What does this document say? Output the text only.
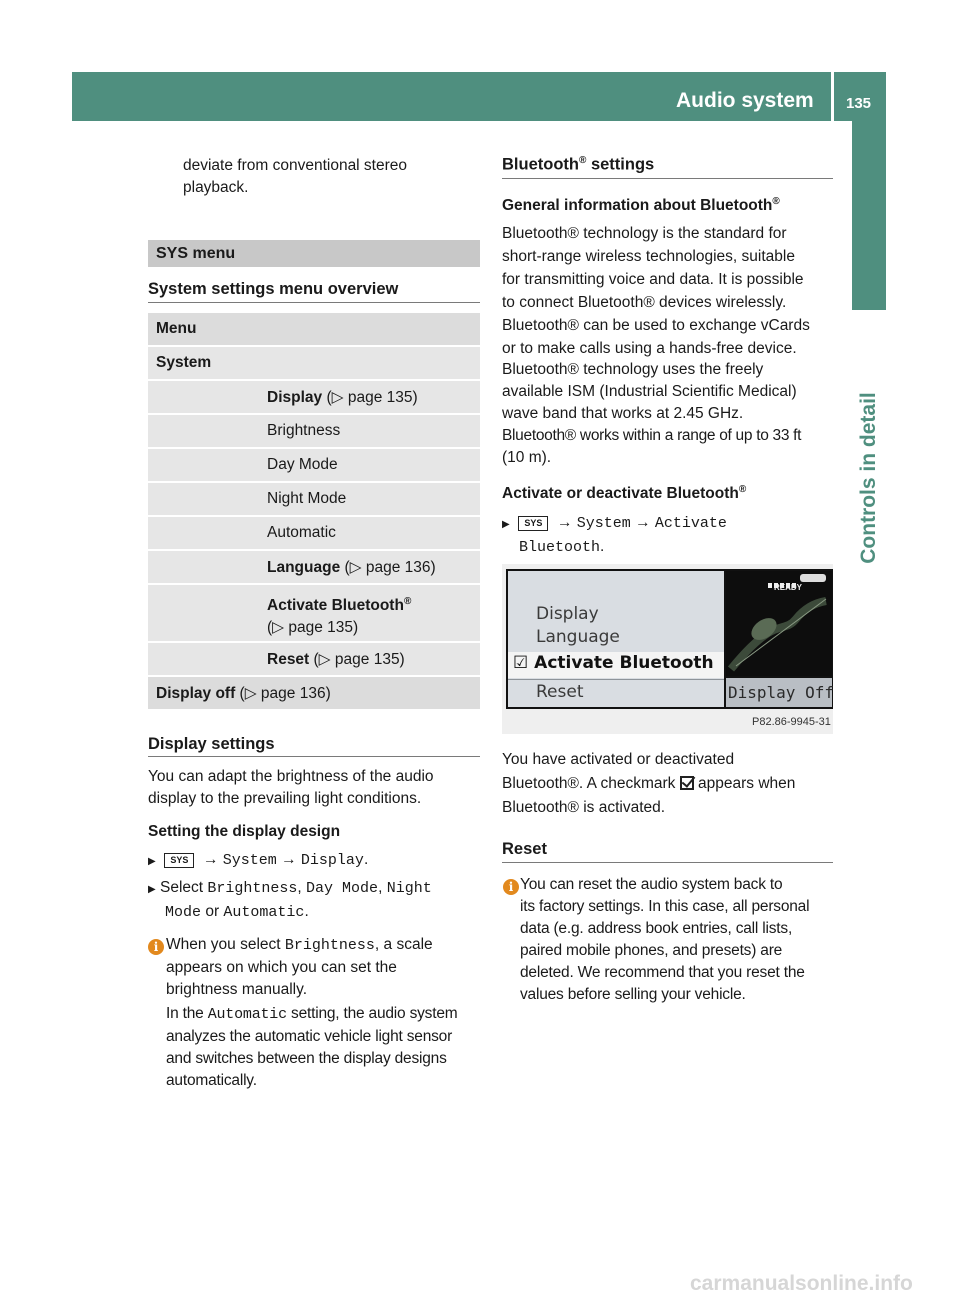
Audio system 135
Controls in detail
deviate from conventional stereo
playback.
SYS menu
System settings menu overview
Menu
System
Display (▷ page 135)
Brightness
Day Mode
Night Mode
Automatic
Language (▷ page 136)
Activate Bluetooth®
(▷ page 135)
Reset (▷ page 135)
Display off (▷ page 136)
Display settings
You can adapt the brightness of the audio
display to the prevailing light conditions.
Setting the display design
▶ SYS → System → Display.
▶ Select Brightness, Day Mode, Night
Mode or Automatic.
i When you select Brightness, a scale
appears on which you can set the
brightness manually.
In the Automatic setting, the audio system
analyzes the automatic vehicle light sensor
and switches between the display designs
automatically.
Bluetooth® settings
General information about Bluetooth®
Bluetooth® technology is the standard for
short-range wireless technologies, suitable
for transmitting voice and data. It is possible
to connect Bluetooth® devices wirelessly.
Bluetooth® can be used to exchange vCards
or to make calls using a hands-free device.
Bluetooth® technology uses the freely
available ISM (Industrial Scientific Medical)
wave band that works at 2.45 GHz.
Bluetooth® works within a range of up to 33 ft
(10 m).
Activate or deactivate Bluetooth®
▶ SYS → System → Activate
Bluetooth.
Display
Language
☑ Activate Bluetooth
Reset
READY
Display Off
P82.86-9945-31
You have activated or deactivated
Bluetooth®. A checkmark  appears when
Bluetooth® is activated.
Reset
i You can reset the audio system back to
its factory settings. In this case, all personal
data (e.g. address book entries, call lists,
paired mobile phones, and presets) are
deleted. We recommend that you reset the
values before selling your vehicle.
carmanualsonline.info
